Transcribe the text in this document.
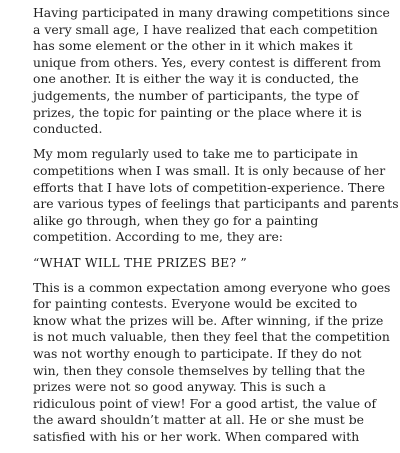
Having participated in many drawing competitions since
a very small age, I have realized that each competition
has some element or the other in it which makes it
unique from others. Yes, every contest is different from
one another. It is either the way it is conducted, the
judgements, the number of participants, the type of
prizes, the topic for painting or the place where it is
conducted.
My mom regularly used to take me to participate in
competitions when I was small. It is only because of her
efforts that I have lots of competition-experience. There
are various types of feelings that participants and parents
alike go through, when they go for a painting
competition. According to me, they are:
“WHAT WILL THE PRIZES BE? ”
This is a common expectation among everyone who goes
for painting contests. Everyone would be excited to
know what the prizes will be. After winning, if the prize
is not much valuable, then they feel that the competition
was not worthy enough to participate. If they do not
win, then they console themselves by telling that the
prizes were not so good anyway. This is such a
ridiculous point of view! For a good artist, the value of
the award shouldn’t matter at all. He or she must be
satisfied with his or her work. When compared with
